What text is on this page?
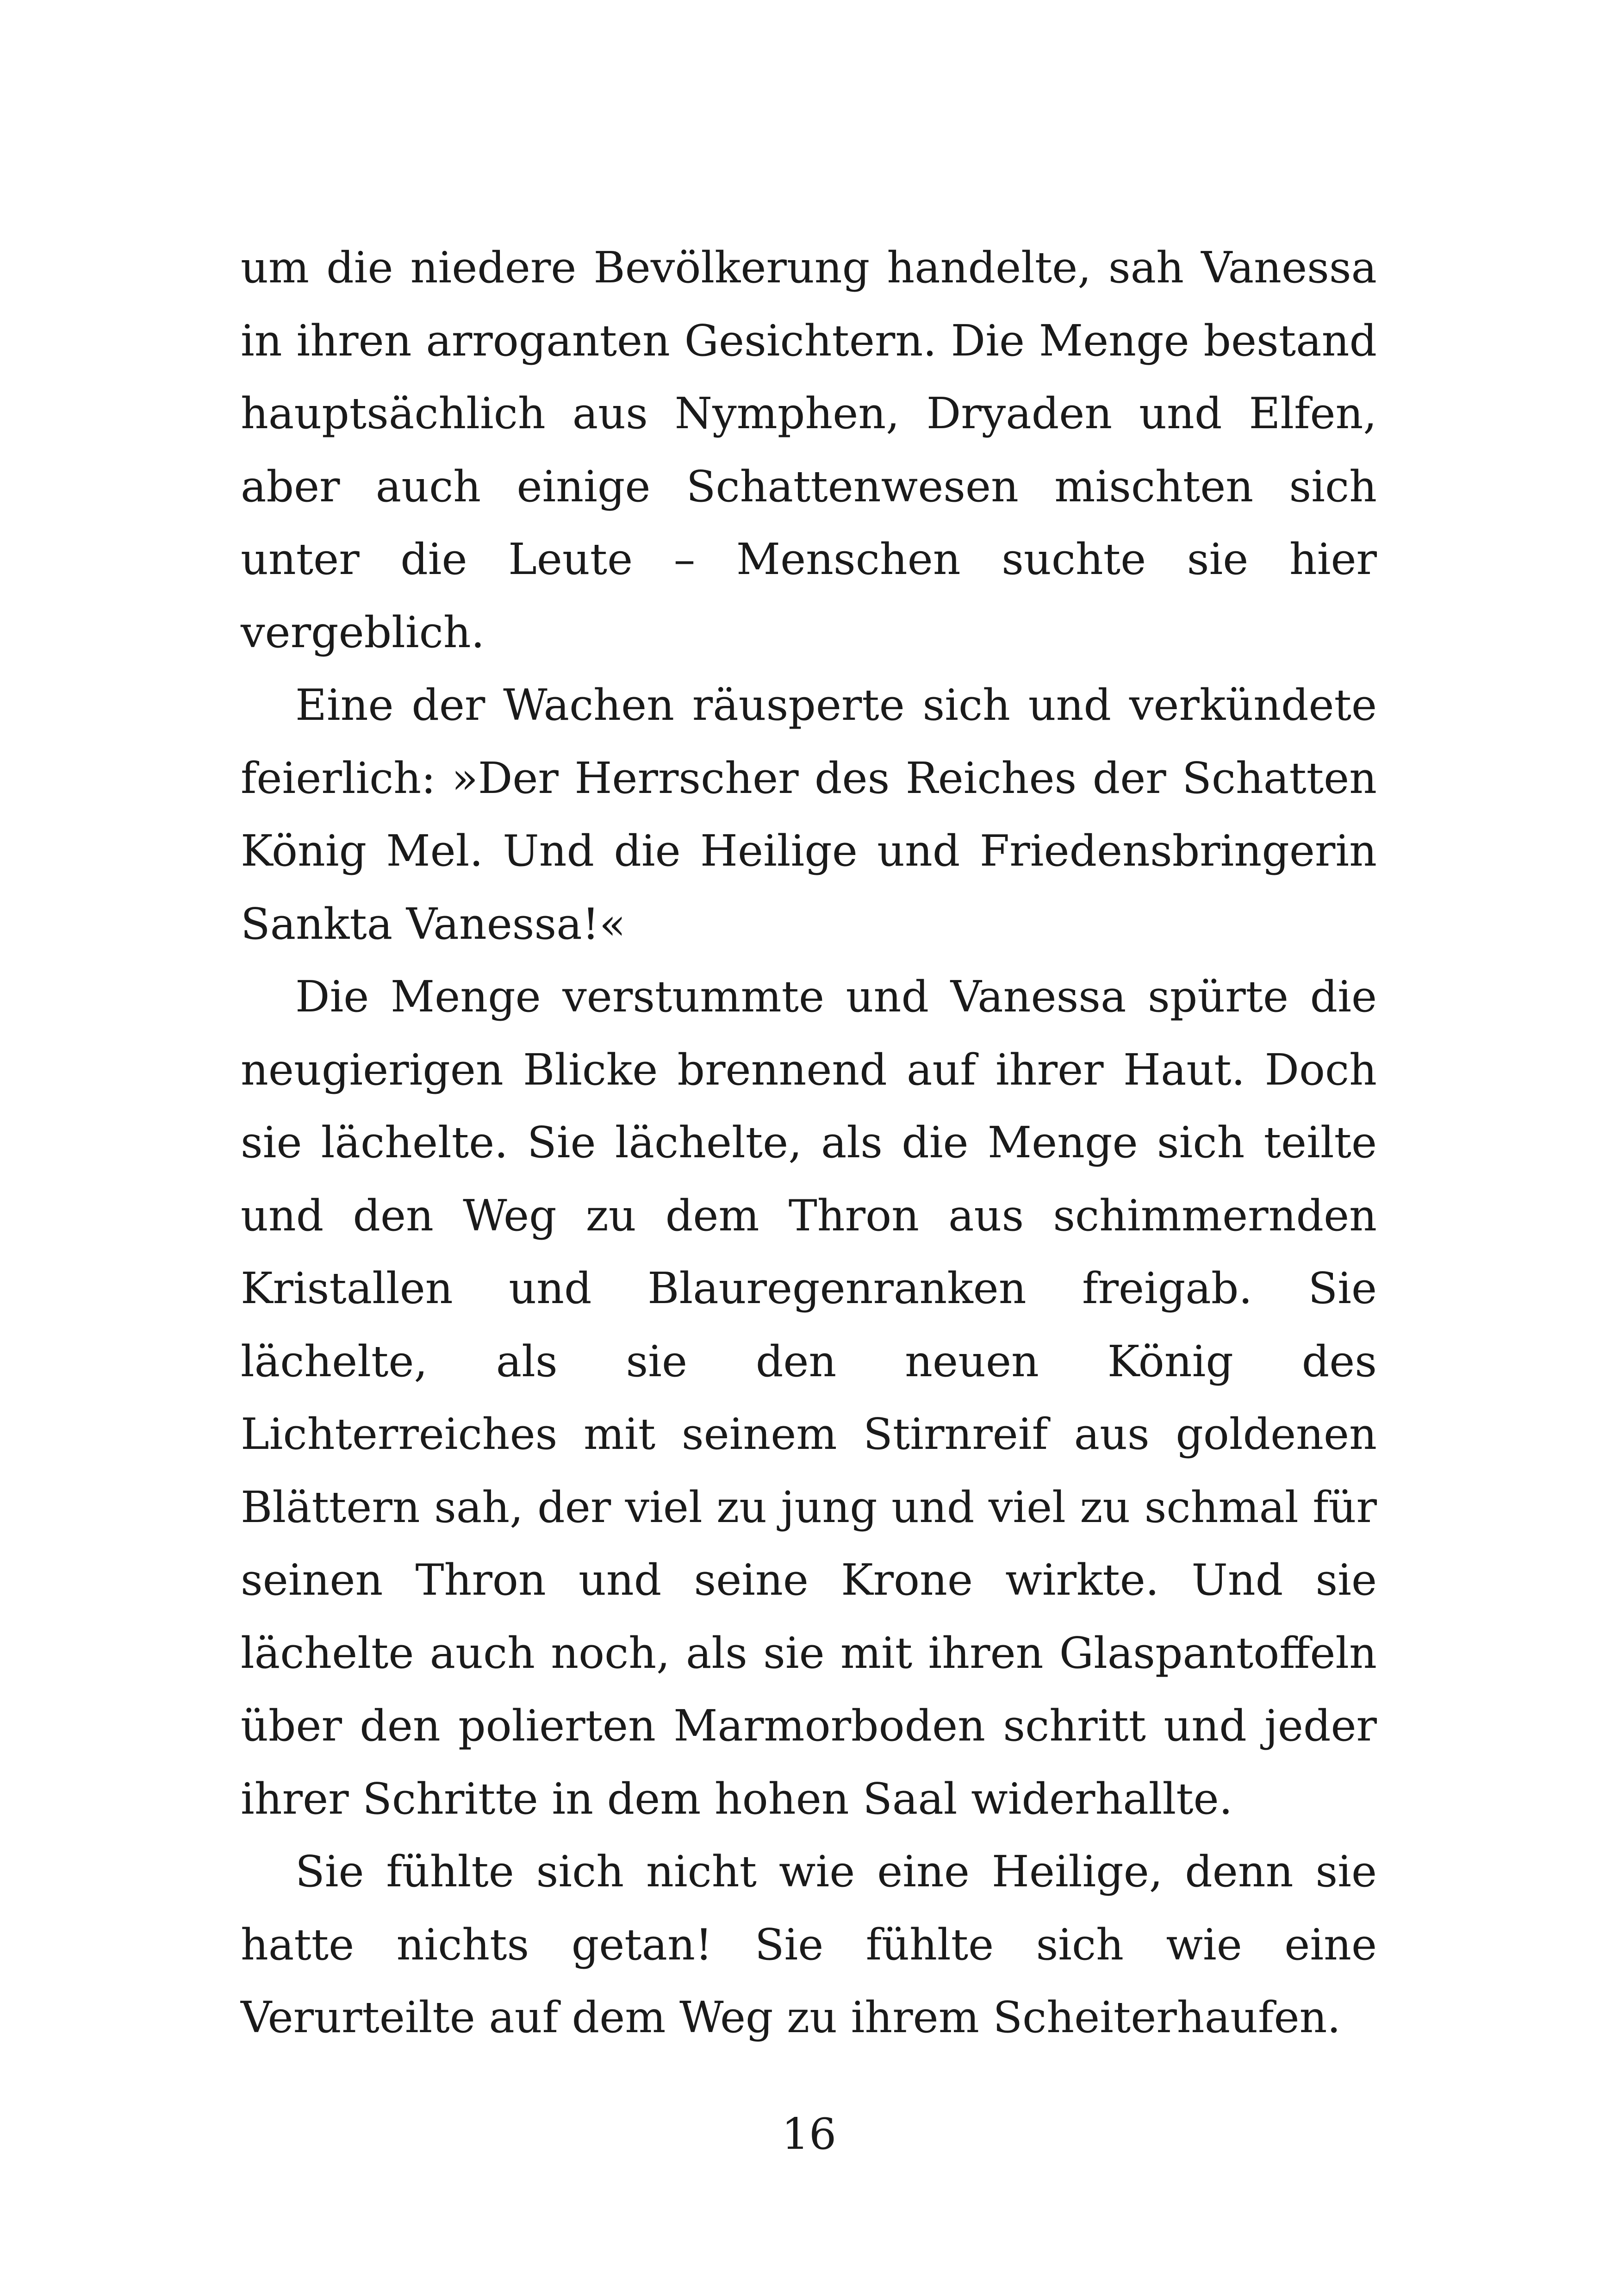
um die niedere Bevölkerung handelte, sah Vanessa in ihren arroganten Gesichtern. Die Menge bestand hauptsächlich aus Nymphen, Dryaden und Elfen, aber auch einige Schattenwesen mischten sich unter die Leute – Menschen suchte sie hier vergeblich.

Eine der Wachen räusperte sich und verkündete feierlich: »Der Herrscher des Reiches der Schatten König Mel. Und die Heilige und Friedensbringerin Sankta Vanessa!«

Die Menge verstummte und Vanessa spürte die neugierigen Blicke brennend auf ihrer Haut. Doch sie lächelte. Sie lächelte, als die Menge sich teilte und den Weg zu dem Thron aus schimmernden Kristallen und Blauregenranken freigab. Sie lächelte, als sie den neuen König des Lichterreiches mit seinem Stirnreif aus goldenen Blättern sah, der viel zu jung und viel zu schmal für seinen Thron und seine Krone wirkte. Und sie lächelte auch noch, als sie mit ihren Glaspantoffeln über den polierten Marmorboden schritt und jeder ihrer Schritte in dem hohen Saal widerhallte.

Sie fühlte sich nicht wie eine Heilige, denn sie hatte nichts getan! Sie fühlte sich wie eine Verurteilte auf dem Weg zu ihrem Scheiterhaufen.

16
